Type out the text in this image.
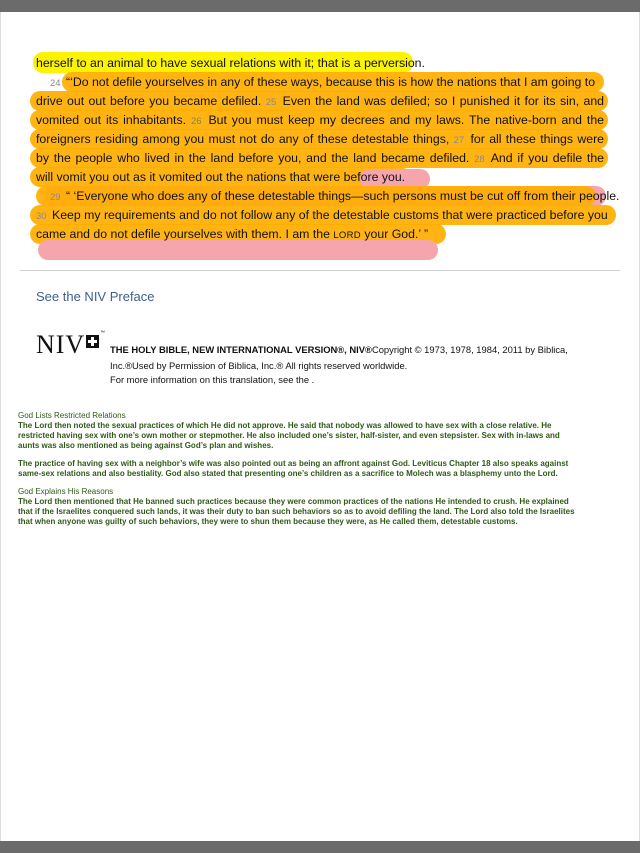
herself to an animal to have sexual relations with it; that is a perversion.
24 “‘Do not defile yourselves in any of these ways, because this is how the nations that I am going to
drive out out before you became defiled. 25 Even the land was defiled; so I punished it for its sin, and
vomited out its inhabitants. 26 But you must keep my decrees and my laws. The native-born and the
foreigners residing among you must not do any of these detestable things, 27 for all these things were
by the people who lived in the land before you, and the land became defiled. 28 And if you defile the
will vomit you out as it vomited out the nations that were before you.
29 “ ‘Everyone who does any of these detestable things—such persons must be cut off from their people.
30 Keep my requirements and do not follow any of the detestable customs that were practiced before you
came and do not defile yourselves with them. I am the LORD your God.’ ”
See the NIV Preface
NIV	™
THE HOLY BIBLE, NEW INTERNATIONAL VERSION®, NIV®Copyright © 1973, 1978, 1984, 2011 by Biblica,
Inc.®Used by Permission of Biblica, Inc.® All rights reserved worldwide.
For more information on this translation, see the .
God Lists Restricted Relations
The Lord then noted the sexual practices of which He did not approve. He said that nobody was allowed to have sex with a close relative. He restricted having sex with one’s own mother or stepmother. He also included one’s sister, half-sister, and even stepsister. Sex with in-laws and aunts was also mentioned as being against God’s plan and wishes.
The practice of having sex with a neighbor’s wife was also pointed out as being an affront against God. Leviticus Chapter 18 also speaks against same-sex relations and also bestiality. God also stated that presenting one’s children as a sacrifice to Molech was a blasphemy unto the Lord.
God Explains His Reasons
The Lord then mentioned that He banned such practices because they were common practices of the nations He intended to crush. He explained that if the Israelites conquered such lands, it was their duty to ban such behaviors so as to avoid defiling the land. The Lord also told the Israelites that when anyone was guilty of such behaviors, they were to shun them because they were, as He called them, detestable customs.
